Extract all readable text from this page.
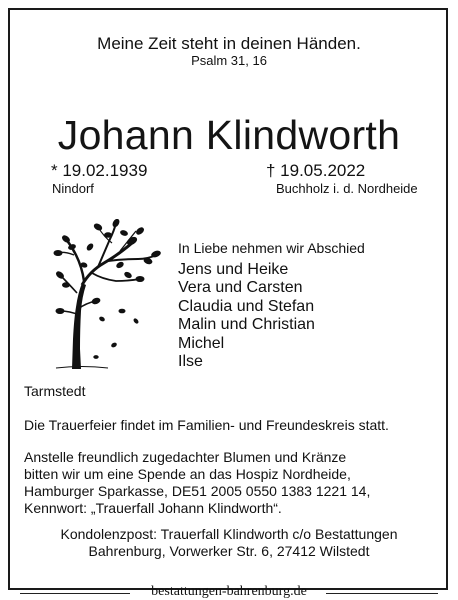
Meine Zeit steht in deinen Händen.
Psalm 31, 16
Johann Klindworth
* 19.02.1939
Nindorf
† 19.05.2022
Buchholz i. d. Nordheide
In Liebe nehmen wir Abschied
Jens und Heike
Vera und Carsten
Claudia und Stefan
Malin und Christian
Michel
Ilse
Tarmstedt
Die Trauerfeier findet im Familien- und Freundeskreis statt.
Anstelle freundlich zugedachter Blumen und Kränze
bitten wir um eine Spende an das Hospiz Nordheide,
Hamburger Sparkasse, DE51 2005 0550 1383 1221 14,
Kennwort: „Trauerfall Johann Klindworth“.
Kondolenzpost: Trauerfall Klindworth c/o Bestattungen
Bahrenburg, Vorwerker Str. 6, 27412 Wilstedt
bestattungen-bahrenburg.de
